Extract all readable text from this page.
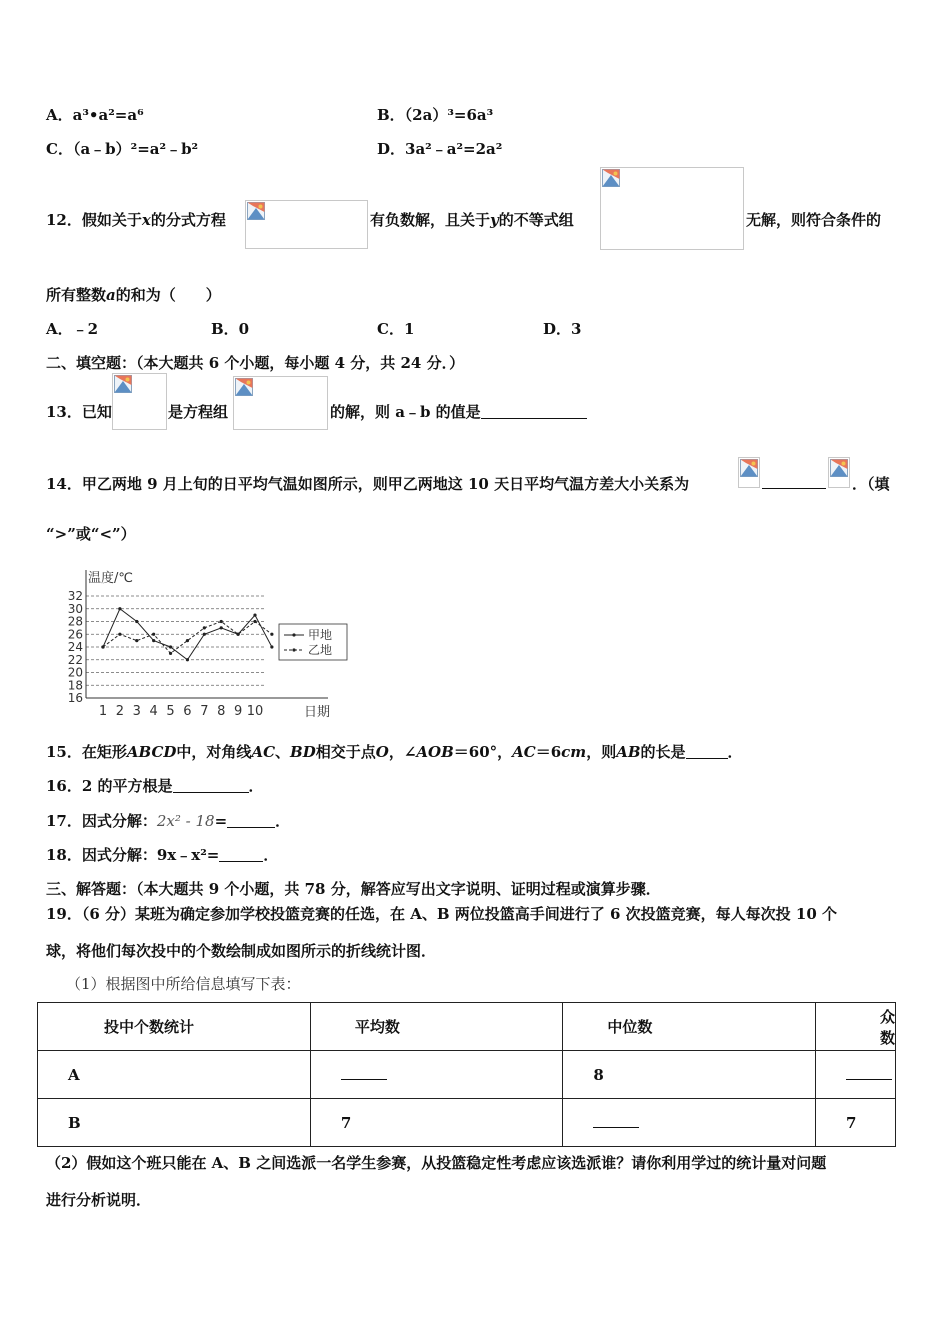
A．a³•a²=a⁶	B．（2a）³=6a³
C．（a﹣b）²=a²﹣b²	D．3a²﹣a²=2a²
12．假如关于x的分式方程	有负数解，且关于y的不等式组	无解，则符合条件的
所有整数a的和为（　　）
A．﹣2	B．0	C．1	D．3
二、填空题：（本大题共 6 个小题，每小题 4 分，共 24 分．）
13．已知	是方程组	的解，则 a﹣b 的值是
14．甲乙两地 9 月上旬的日平均气温如图所示，则甲乙两地这 10 天日平均气温方差大小关系为	．（填
“>”或“<”）
16
18
20
22
24
26
28
30
32
温度/℃
日期
1 2 3 4 5 6 7 8 9 10
甲地
乙地
15．在矩形ABCD中，对角线AC、BD相交于点O，∠AOB＝60°，AC＝6cm，则AB的长是	．
16．2 的平方根是	．
17．因式分解：2x² - 18=	．
18．因式分解：9x﹣x²=	．
三、解答题：（本大题共 9 个小题，共 78 分，解答应写出文字说明、证明过程或演算步骤．
19．（6 分）某班为确定参加学校投篮竞赛的任选，在 A、B 两位投篮高手间进行了 6 次投篮竞赛，每人每次投 10 个
球，将他们每次投中的个数绘制成如图所示的折线统计图．
（1）根据图中所给信息填写下表：
投中个数统计	平均数	中位数	众数
A		8	
B	7		7
（2）假如这个班只能在 A、B 之间选派一名学生参赛，从投篮稳定性考虑应该选派谁？请你利用学过的统计量对问题
进行分析说明．
